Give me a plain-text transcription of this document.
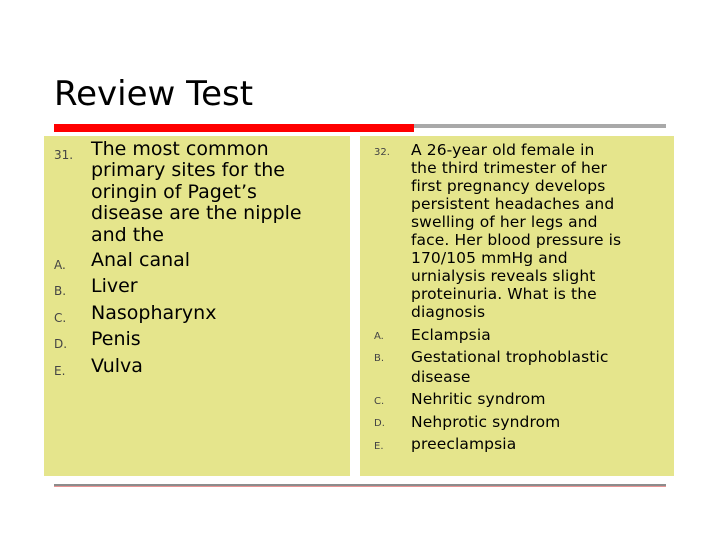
Review Test
31. The most common
primary sites for the
oringin of Paget’s
disease are the nipple
and the
A. Anal canal
B. Liver
C. Nasopharynx
D. Penis
E. Vulva
32. A 26-year old female in
the third trimester of her
first pregnancy develops
persistent headaches and
swelling of her legs and
face. Her blood pressure is
170/105 mmHg and
urnialysis reveals slight
proteinuria. What is the
diagnosis
A. Eclampsia
B. Gestational trophoblastic
disease
C. Nehritic syndrom
D. Nehprotic syndrom
E. preeclampsia
